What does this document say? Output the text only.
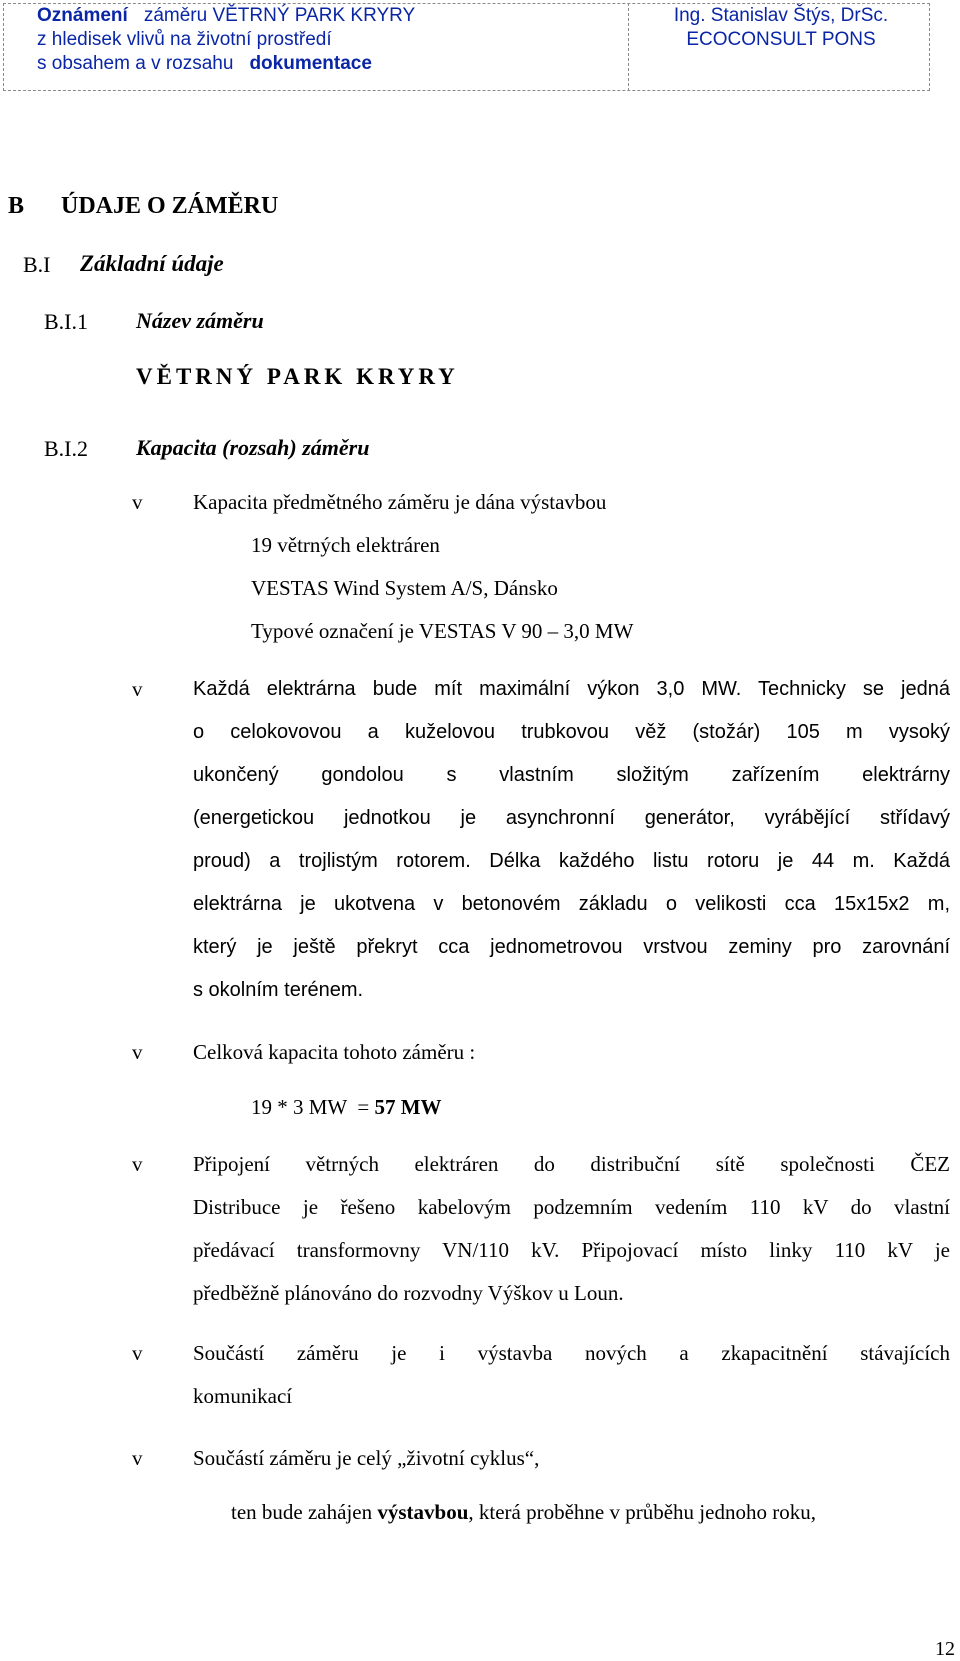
Oznámení záměru VĚTRNÝ PARK KRYRY
z hledisek vlivů na životní prostředí
s obsahem a v rozsahu dokumentace
Ing. Stanislav Štýs, DrSc.
ECOCONSULT PONS
B ÚDAJE O ZÁMĚRU
B.I Základní údaje
B.I.1 Název záměru
VĚTRNÝ PARK KRYRY
B.I.2 Kapacita (rozsah) záměru
v Kapacita předmětného záměru je dána výstavbou
19 větrných elektráren
VESTAS Wind System A/S, Dánsko
Typové označení je VESTAS V 90 – 3,0 MW
v	Každá elektrárna bude mít maximální výkon 3,0 MW. Technicky se jedná
o celokovovou a kuželovou trubkovou věž (stožár) 105 m vysoký
ukončený gondolou s vlastním složitým zařízením elektrárny
(energetickou jednotkou je asynchronní generátor, vyrábějící střídavý
proud) a trojlistým rotorem. Délka každého listu rotoru je 44 m. Každá
elektrárna je ukotvena v betonovém základu o velikosti cca 15x15x2 m,
který je ještě překryt cca jednometrovou vrstvou zeminy pro zarovnání
s okolním terénem.
v Celková kapacita tohoto záměru :
19 * 3 MW  = 57 MW
v Připojení větrných elektráren do distribuční sítě společnosti ČEZ
Distribuce je řešeno kabelovým podzemním vedením 110 kV do vlastní
předávací transformovny VN/110 kV. Připojovací místo linky 110 kV je
předběžně plánováno do rozvodny Výškov u Loun.
v Součástí záměru je i výstavba nových a zkapacitnění stávajících
komunikací
v Součástí záměru je celý „životní cyklus“,
ten bude zahájen výstavbou, která proběhne v průběhu jednoho roku,
12
